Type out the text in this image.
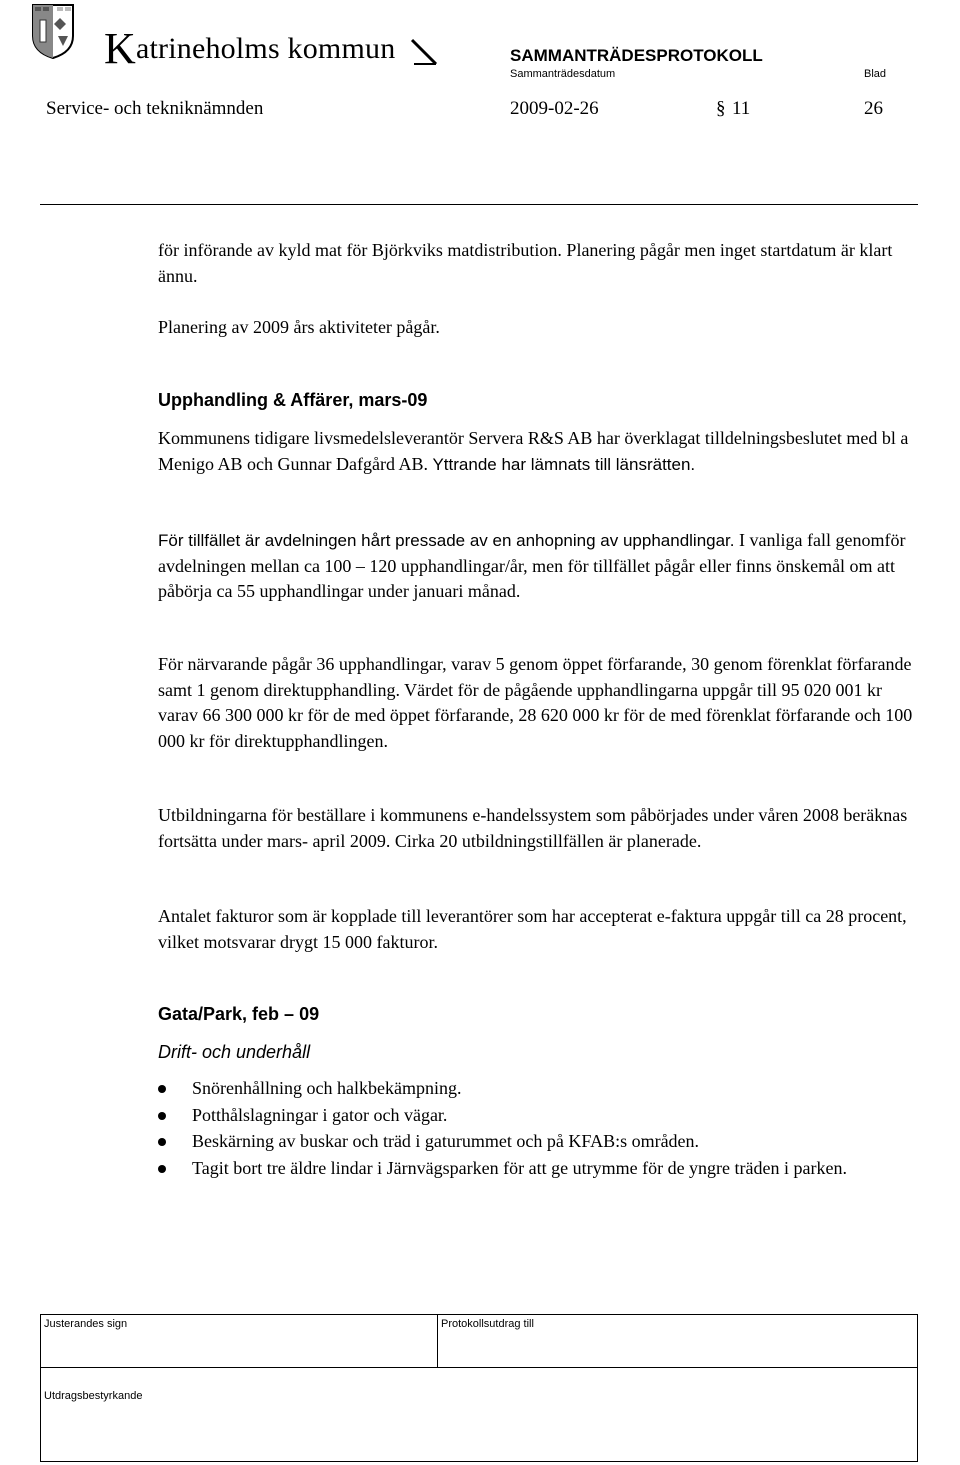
Katrineholms kommun	SAMMANTRÄDESPROTOKOLL
Sammanträdesdatum	Blad
Service- och tekniknämnden	2009-02-26	§ 11	26

för införande av kyld mat för Björkviks matdistribution. Planering pågår men inget startdatum är klart ännu.

Planering av 2009 års aktiviteter pågår.

Upphandling & Affärer, mars-09

Kommunens tidigare livsmedelsleverantör Servera R&S AB har överklagat tilldelningsbeslutet med bl a Menigo AB och Gunnar Dafgård AB. Yttrande har lämnats till länsrätten.

För tillfället är avdelningen hårt pressade av en anhopning av upphandlingar. I vanliga fall genomför avdelningen mellan ca 100 – 120 upphandlingar/år, men för tillfället pågår eller finns önskemål om att påbörja ca 55 upphandlingar under januari månad.

För närvarande pågår 36 upphandlingar, varav 5 genom öppet förfarande, 30 genom förenklat förfarande samt 1 genom direktupphandling. Värdet för de pågående upphandlingarna uppgår till 95 020 001 kr varav 66 300 000 kr för de med öppet förfarande, 28 620 000 kr för de med förenklat förfarande och 100 000 kr för direktupphandlingen.

Utbildningarna för beställare i kommunens e-handelssystem som påbörjades under våren 2008 beräknas fortsätta under mars- april 2009. Cirka 20 utbildningstillfällen är planerade.

Antalet fakturor som är kopplade till leverantörer som har accepterat e-faktura uppgår till ca 28 procent, vilket motsvarar drygt 15 000 fakturor.

Gata/Park, feb – 09
Drift- och underhåll
Snörenhållning och halkbekämpning.
Potthålslagningar i gator och vägar.
Beskärning av buskar och träd i gaturummet och på KFAB:s områden.
Tagit bort tre äldre lindar i Järnvägsparken för att ge utrymme för de yngre träden i parken.
Justerandes sign	Protokollsutdrag till
Utdragsbestyrkande
